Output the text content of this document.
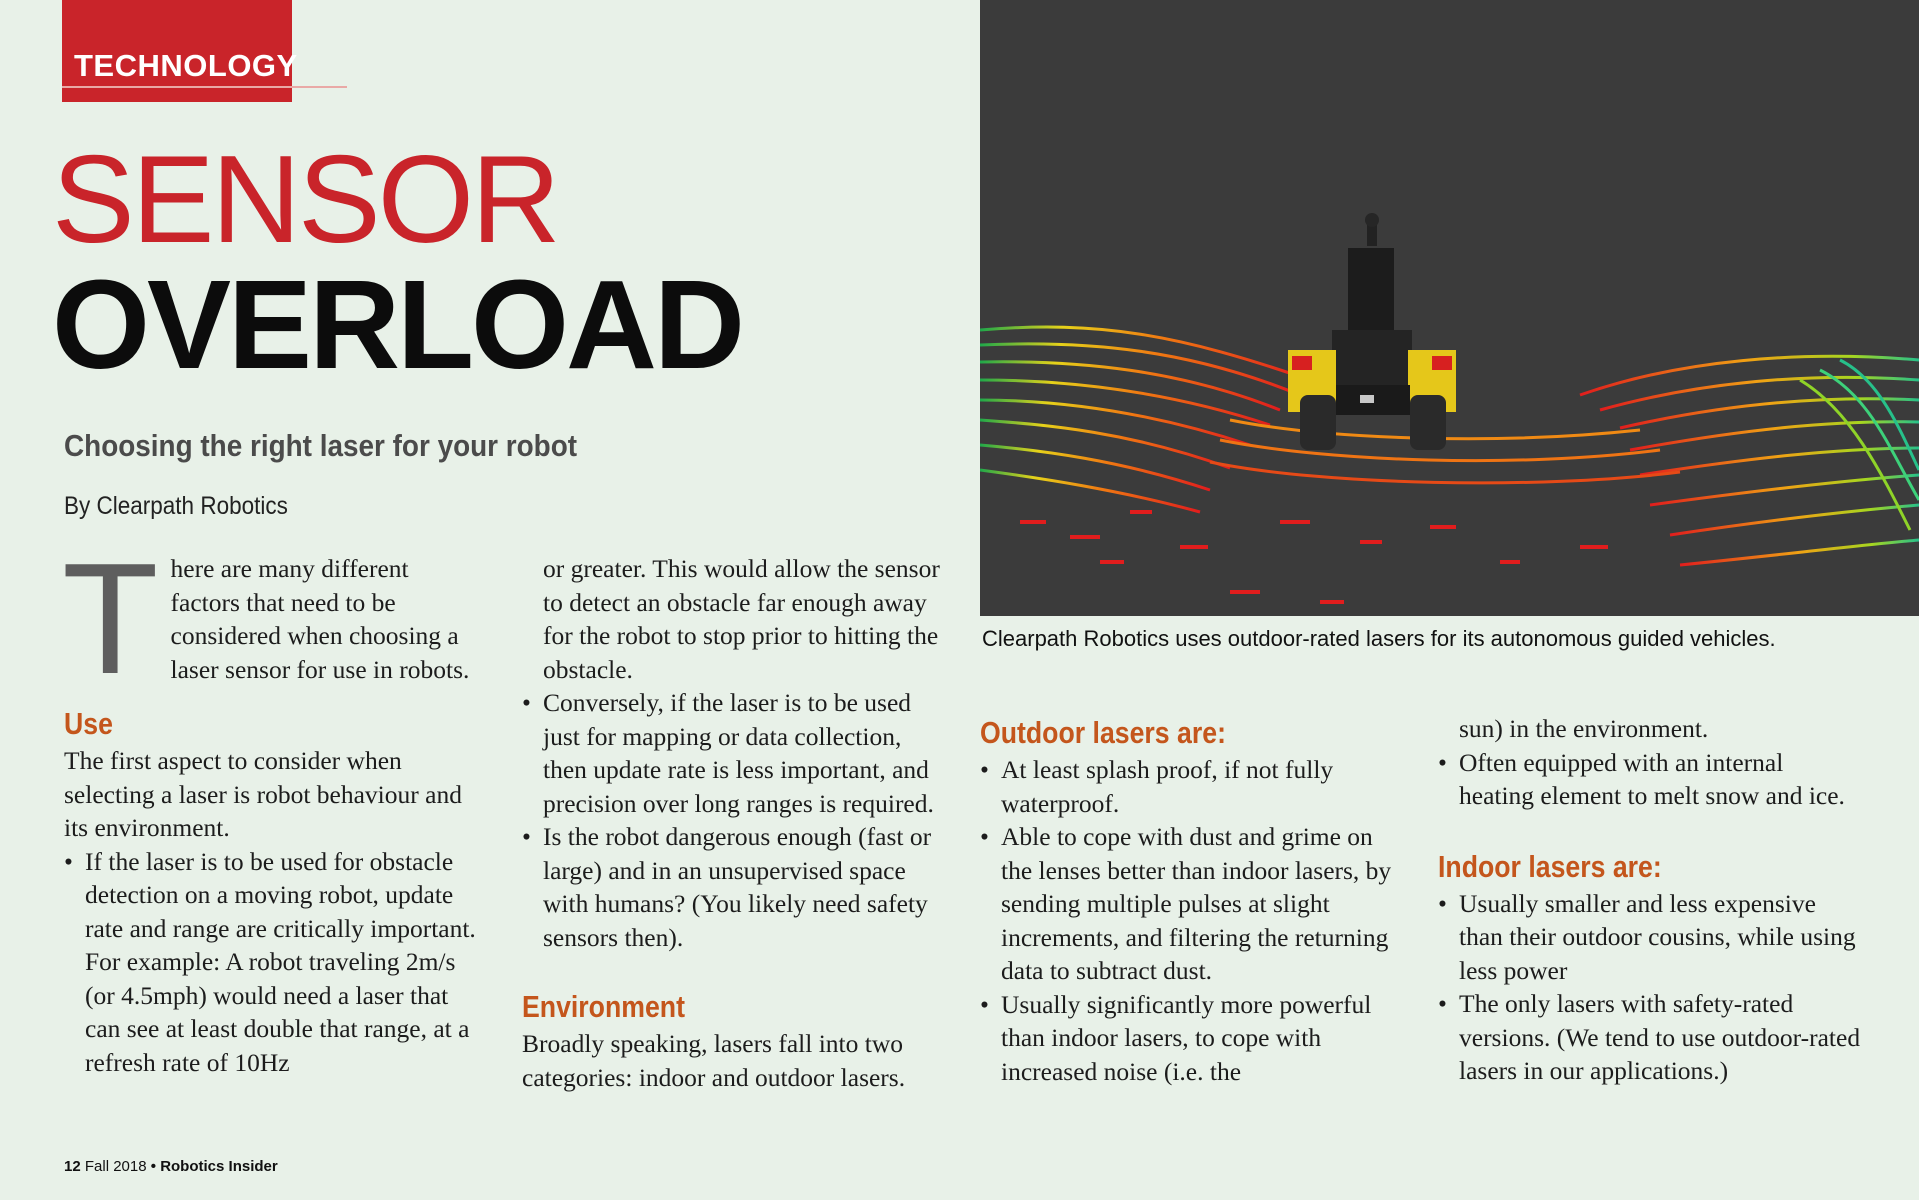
TECHNOLOGY

SENSOR
OVERLOAD
Choosing the right laser for your robot

By Clearpath Robotics

T here are many different factors that need to be considered when choosing a laser sensor for use in robots.

Use

The first aspect to consider when selecting a laser is robot behaviour and its environment.

• If the laser is to be used for obstacle detection on a moving robot, update rate and range are critically important. For example: A robot traveling 2m/s (or 4.5mph) would need a laser that can see at least double that range, at a refresh rate of 10Hz

or greater. This would allow the sensor to detect an obstacle far enough away for the robot to stop prior to hitting the obstacle.

• Conversely, if the laser is to be used just for mapping or data collection, then update rate is less important, and precision over long ranges is required.
• Is the robot dangerous enough (fast or large) and in an unsupervised space with humans? (You likely need safety sensors then).
Environment

Broadly speaking, lasers fall into two categories: indoor and outdoor lasers.

Clearpath Robotics uses outdoor-rated lasers for its autonomous guided vehicles.

Outdoor lasers are:
• At least splash proof, if not fully waterproof.
• Able to cope with dust and grime on the lenses better than indoor lasers, by sending multiple pulses at slight increments, and filtering the returning data to subtract dust.
• Usually significantly more powerful than indoor lasers, to cope with increased noise (i.e. the

sun) in the environment.

• Often equipped with an internal heating element to melt snow and ice.
Indoor lasers are:
• Usually smaller and less expensive than their outdoor cousins, while using less power
• The only lasers with safety-rated versions. (We tend to use outdoor-rated lasers in our applications.)

12 Fall 2018 • Robotics Insider
